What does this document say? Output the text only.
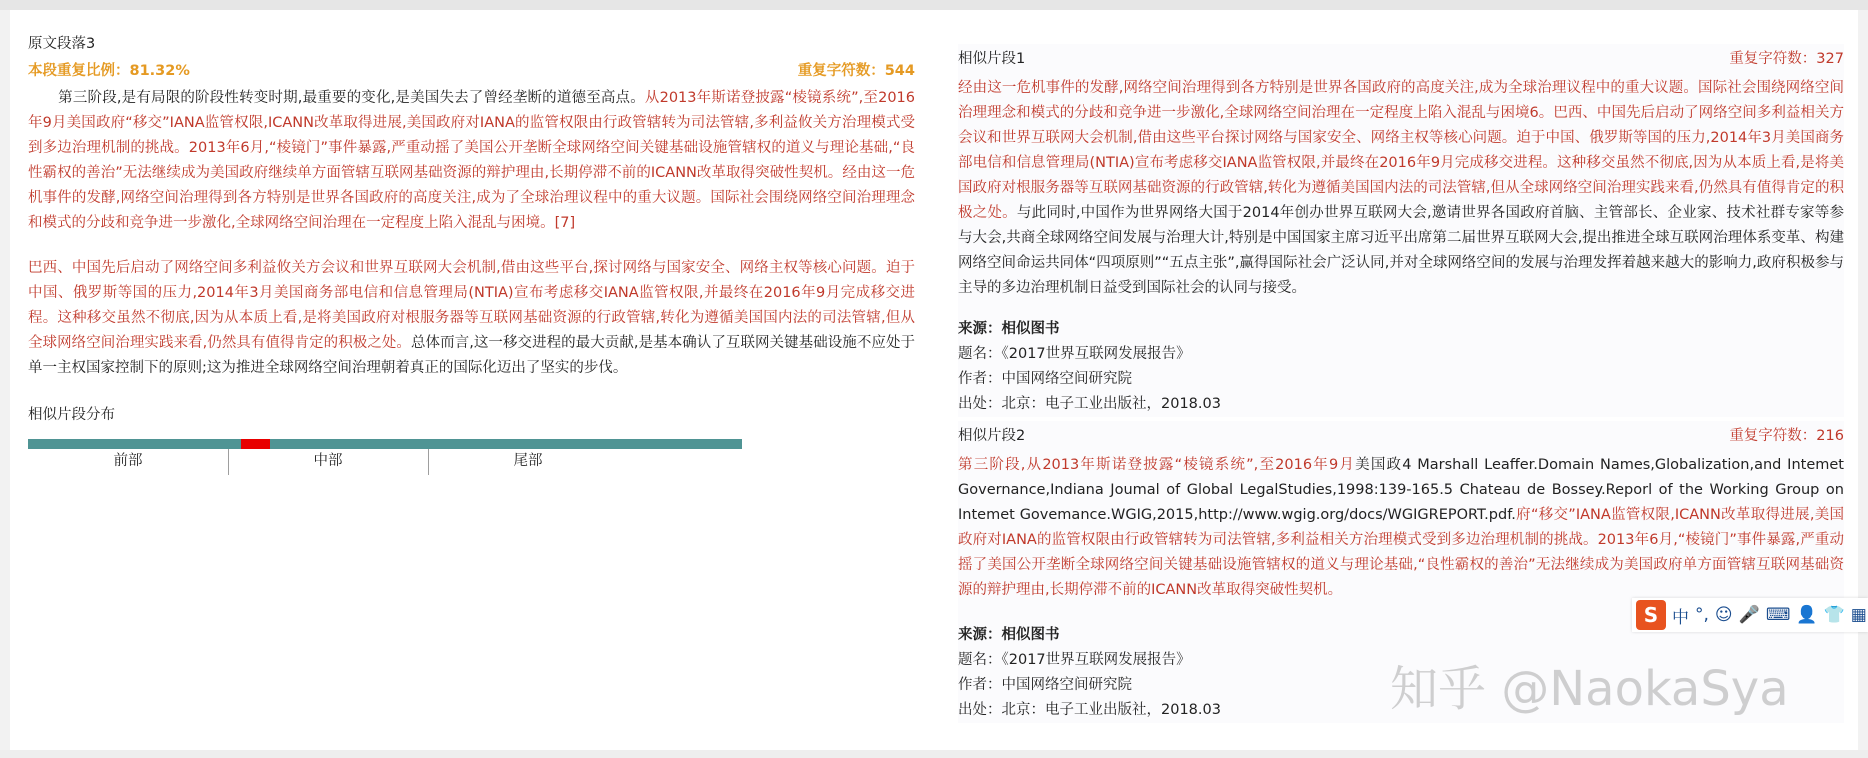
原文段落3
本段重复比例：81.32%	重复字符数：544
第三阶段,是有局限的阶段性转变时期,最重要的变化,是美国失去了曾经垄断的道德至高点。从2013年斯诺登披露“棱镜系统”,至2016年9月美国政府“移交”IANA监管权限,ICANN改革取得进展,美国政府对IANA的监管权限由行政管辖转为司法管辖,多利益攸关方治理模式受到多边治理机制的挑战。2013年6月,“棱镜门”事件暴露,严重动摇了美国公开垄断全球网络空间关键基础设施管辖权的道义与理论基础,“良性霸权的善治”无法继续成为美国政府继续单方面管辖互联网基础资源的辩护理由,长期停滞不前的ICANN改革取得突破性契机。经由这一危机事件的发酵,网络空间治理得到各方特别是世界各国政府的高度关注,成为了全球治理议程中的重大议题。国际社会围绕网络空间治理理念和模式的分歧和竞争进一步激化,全球网络空间治理在一定程度上陷入混乱与困境。[7]
巴西、中国先后启动了网络空间多利益攸关方会议和世界互联网大会机制,借由这些平台,探讨网络与国家安全、网络主权等核心问题。迫于中国、俄罗斯等国的压力,2014年3月美国商务部电信和信息管理局(NTIA)宣布考虑移交IANA监管权限,并最终在2016年9月完成移交进程。这种移交虽然不彻底,因为从本质上看,是将美国政府对根服务器等互联网基础资源的行政管辖,转化为遵循美国国内法的司法管辖,但从全球网络空间治理实践来看,仍然具有值得肯定的积极之处。总体而言,这一移交进程的最大贡献,是基本确认了互联网关键基础设施不应处于单一主权国家控制下的原则;这为推进全球网络空间治理朝着真正的国际化迈出了坚实的步伐。
相似片段分布
前部	中部	尾部
相似片段1	重复字符数：327
经由这一危机事件的发酵,网络空间治理得到各方特别是世界各国政府的高度关注,成为全球治理议程中的重大议题。国际社会围绕网络空间治理理念和模式的分歧和竞争进一步激化,全球网络空间治理在一定程度上陷入混乱与困境6。巴西、中国先后启动了网络空间多利益相关方会议和世界互联网大会机制,借由这些平台探讨网络与国家安全、网络主权等核心问题。迫于中国、俄罗斯等国的压力,2014年3月美国商务部电信和信息管理局(NTIA)宣布考虑移交IANA监管权限,并最终在2016年9月完成移交进程。这种移交虽然不彻底,因为从本质上看,是将美国政府对根服务器等互联网基础资源的行政管辖,转化为遵循美国国内法的司法管辖,但从全球网络空间治理实践来看,仍然具有值得肯定的积极之处。与此同时,中国作为世界网络大国于2014年创办世界互联网大会,邀请世界各国政府首脑、主管部长、企业家、技术社群专家等参与大会,共商全球网络空间发展与治理大计,特别是中国国家主席习近平出席第二届世界互联网大会,提出推进全球互联网治理体系变革、构建网络空间命运共同体“四项原则”“五点主张”,赢得国际社会广泛认同,并对全球网络空间的发展与治理发挥着越来越大的影响力,政府积极参与主导的多边治理机制日益受到国际社会的认同与接受。
来源：相似图书
题名：《2017世界互联网发展报告》
作者：中国网络空间研究院
出处：北京：电子工业出版社，2018.03
相似片段2	重复字符数：216
第三阶段,从2013年斯诺登披露“棱镜系统”,至2016年9月美国政4 Marshall Leaffer.Domain Names,Globalization,and Intemet Governance,Indiana Joumal of Global LegalStudies,1998:139-165.5 Chateau de Bossey.Reporl of the Working Group on Intemet Govemance.WGIG,2015,http://www.wgig.org/docs/WGIGREPORT.pdf.府“移交”IANA监管权限,ICANN改革取得进展,美国政府对IANA的监管权限由行政管辖转为司法管辖,多利益相关方治理模式受到多边治理机制的挑战。2013年6月,“棱镜门”事件暴露,严重动摇了美国公开垄断全球网络空间关键基础设施管辖权的道义与理论基础,“良性霸权的善治”无法继续成为美国政府单方面管辖互联网基础资源的辩护理由,长期停滞不前的ICANN改革取得突破性契机。
来源：相似图书
题名：《2017世界互联网发展报告》
作者：中国网络空间研究院
出处：北京：电子工业出版社，2018.03	知乎 @NaokaSya
S 中 °, ☺ 🎤 ⌨ 👤 👕 ▦
